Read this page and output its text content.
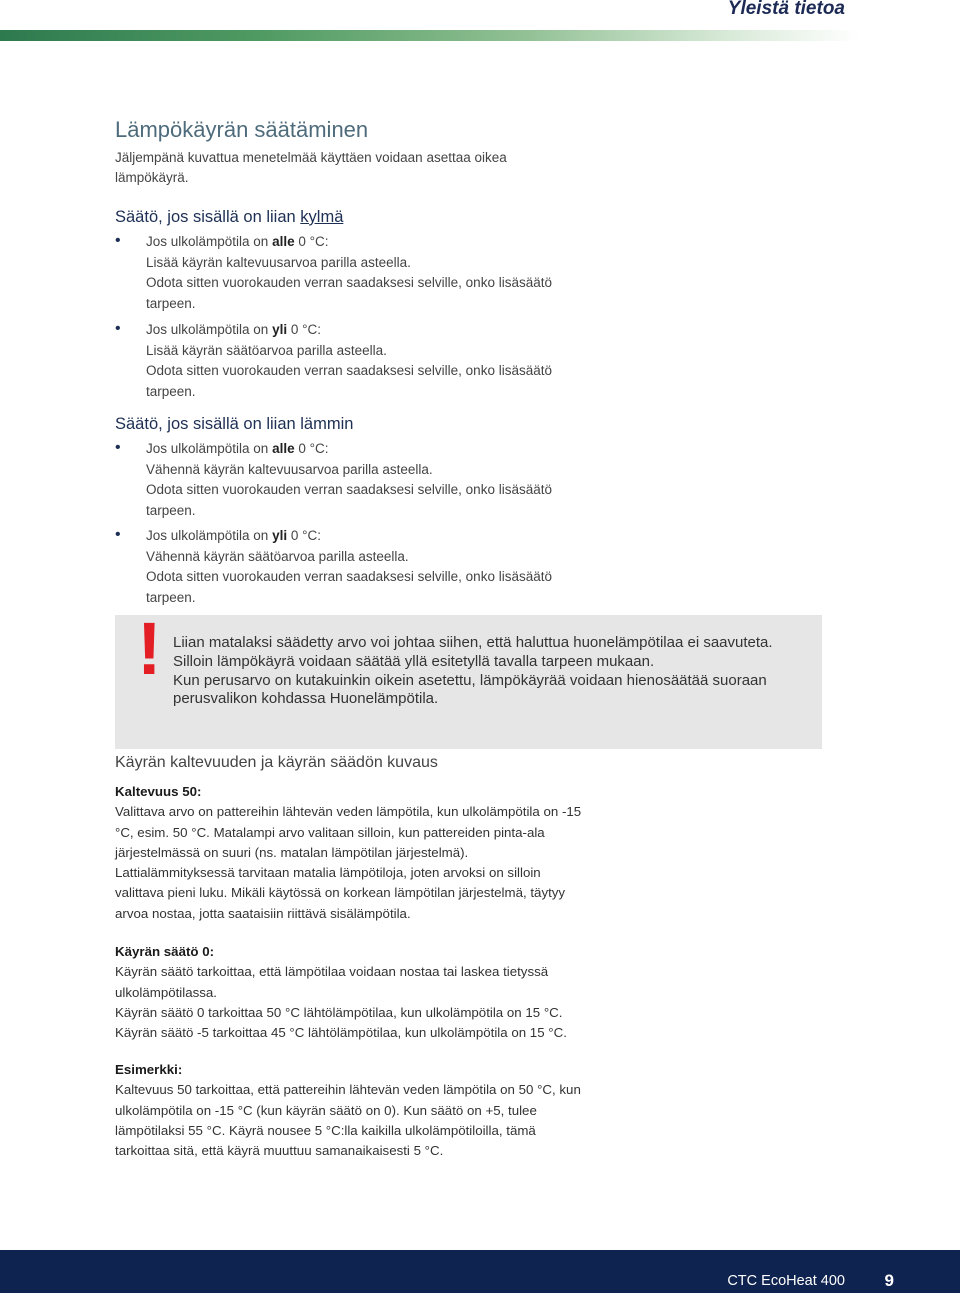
Yleistä tietoa
Lämpökäyrän säätäminen
Jäljempänä kuvattua menetelmää käyttäen voidaan asettaa oikea lämpökäyrä.
Säätö, jos sisällä on liian kylmä
• Jos ulkolämpötila on alle 0 °C:
Lisää käyrän kaltevuusarvoa parilla asteella.
Odota sitten vuorokauden verran saadaksesi selville, onko lisäsäätö tarpeen.
• Jos ulkolämpötila on yli 0 °C:
Lisää käyrän säätöarvoa parilla asteella.
Odota sitten vuorokauden verran saadaksesi selville, onko lisäsäätö tarpeen.
Säätö, jos sisällä on liian lämmin
• Jos ulkolämpötila on alle 0 °C:
Vähennä käyrän kaltevuusarvoa parilla asteella.
Odota sitten vuorokauden verran saadaksesi selville, onko lisäsäätö tarpeen.
• Jos ulkolämpötila on yli 0 °C:
Vähennä käyrän säätöarvoa parilla asteella.
Odota sitten vuorokauden verran saadaksesi selville, onko lisäsäätö tarpeen.
Käyrän kaltevuuden ja käyrän säädön kuvaus
Kaltevuus 50:
Valittava arvo on pattereihin lähtevän veden lämpötila, kun ulkolämpötila on -15 °C, esim. 50 °C. Matalampi arvo valitaan silloin, kun pattereiden pinta-ala järjestelmässä on suuri (ns. matalan lämpötilan järjestelmä). Lattialämmityksessä tarvitaan matalia lämpötiloja, joten arvoksi on silloin valittava pieni luku. Mikäli käytössä on korkean lämpötilan järjestelmä, täytyy arvoa nostaa, jotta saataisiin riittävä sisälämpötila.
Käyrän säätö 0:
Käyrän säätö tarkoittaa, että lämpötilaa voidaan nostaa tai laskea tietyssä ulkolämpötilassa.
Käyrän säätö 0 tarkoittaa 50 °C lähtölämpötilaa, kun ulkolämpötila on 15 °C.
Käyrän säätö -5 tarkoittaa 45 °C lähtölämpötilaa, kun ulkolämpötila on 15 °C.
Esimerkki:
Kaltevuus 50 tarkoittaa, että pattereihin lähtevän veden lämpötila on 50 °C, kun ulkolämpötila on -15 °C (kun käyrän säätö on 0). Kun säätö on +5, tulee lämpötilaksi 55 °C. Käyrä nousee 5 °C:lla kaikilla ulkolämpötiloilla, tämä tarkoittaa sitä, että käyrä muuttuu samanaikaisesti 5 °C.
! Liian matalaksi säädetty arvo voi johtaa siihen, että haluttua huonelämpötilaa ei saavuteta. Silloin lämpökäyrä voidaan säätää yllä esitetyllä tavalla tarpeen mukaan.
Kun perusarvo on kutakuinkin oikein asetettu, lämpökäyrää voidaan hienosäätää suoraan perusvalikon kohdassa Huonelämpötila.
CTC EcoHeat 400 9
